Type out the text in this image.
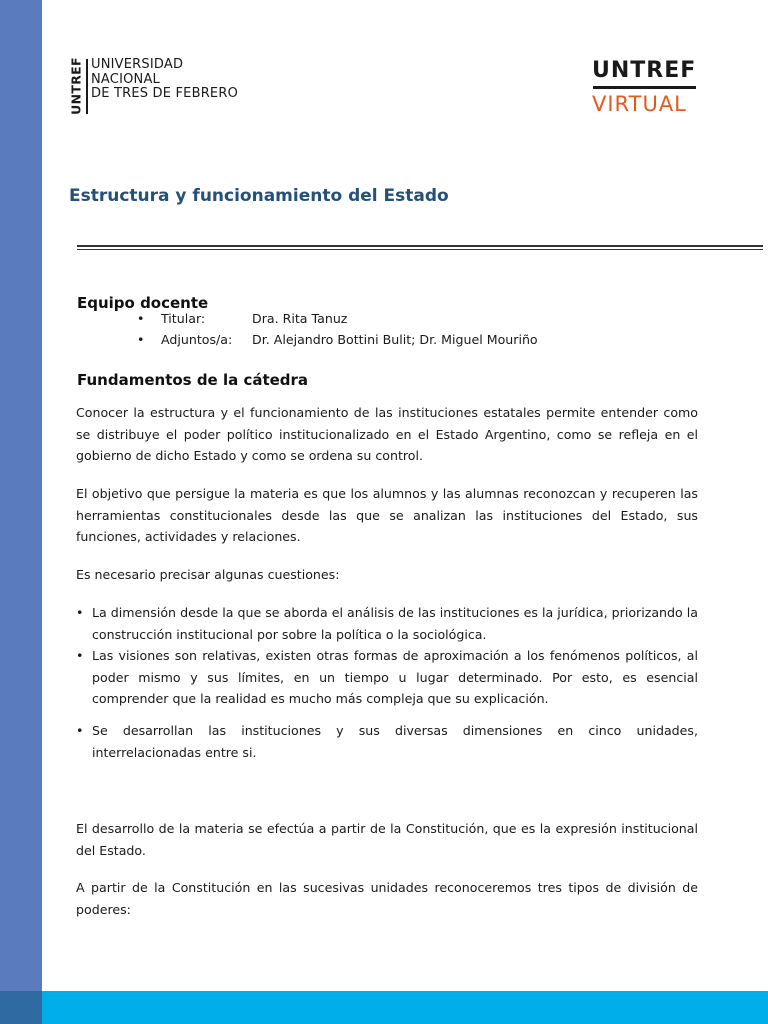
UNTREF UNIVERSIDAD
NACIONAL
DE TRES DE FEBRERO
UNTREF
VIRTUAL
Estructura y funcionamiento del Estado
Equipo docente
• Titular:	Dra. Rita Tanuz
• Adjuntos/a: Dr. Alejandro Bottini Bulit; Dr. Miguel Mouriño
Fundamentos de la cátedra

Conocer la estructura y el funcionamiento de las instituciones estatales permite entender como se distribuye el poder político institucionalizado en el Estado Argentino, como se refleja en el gobierno de dicho Estado y como se ordena su control.

El objetivo que persigue la materia es que los alumnos y las alumnas reconozcan y recuperen las herramientas constitucionales desde las que se analizan las instituciones del Estado, sus funciones, actividades y relaciones.

Es necesario precisar algunas cuestiones:

• La dimensión desde la que se aborda el análisis de las instituciones es la jurídica, priorizando la construcción institucional por sobre la política o la sociológica.
• Las visiones son relativas, existen otras formas de aproximación a los fenómenos políticos, al poder mismo y sus límites, en un tiempo u lugar determinado. Por esto, es esencial comprender que la realidad es mucho más compleja que su explicación.
• Se desarrollan las instituciones y sus diversas dimensiones en cinco unidades, interrelacionadas entre si.

El desarrollo de la materia se efectúa a partir de la Constitución, que es la expresión institucional del Estado.

A partir de la Constitución en las sucesivas unidades reconoceremos tres tipos de división de poderes:
